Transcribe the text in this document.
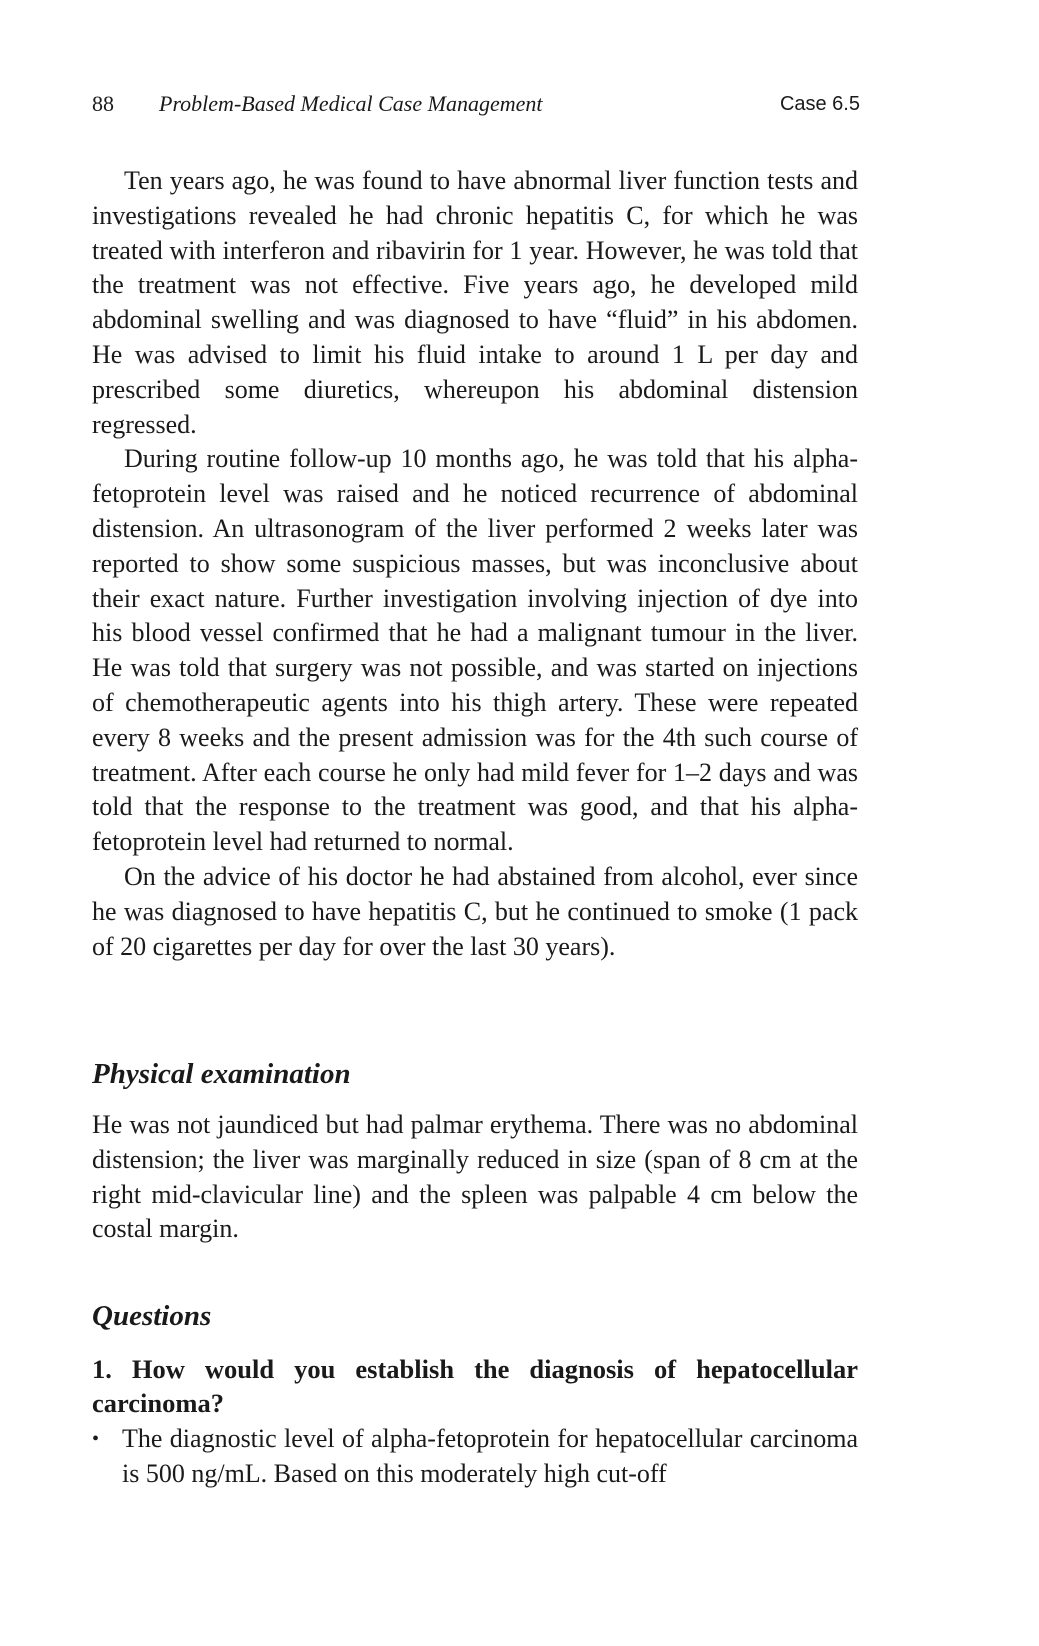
88 Problem-Based Medical Case Management	Case 6.5

Ten years ago, he was found to have abnormal liver function tests and investigations revealed he had chronic hepatitis C, for which he was treated with interferon and ribavirin for 1 year. However, he was told that the treatment was not effective. Five years ago, he developed mild abdominal swelling and was diagnosed to have “fluid” in his abdomen. He was advised to limit his fluid intake to around 1 L per day and prescribed some diuretics, whereupon his abdominal distension regressed.

During routine follow-up 10 months ago, he was told that his alpha-fetoprotein level was raised and he noticed recurrence of abdominal distension. An ultrasonogram of the liver performed 2 weeks later was reported to show some suspicious masses, but was inconclusive about their exact nature. Further investigation involving injection of dye into his blood vessel confirmed that he had a malignant tumour in the liver. He was told that surgery was not possible, and was started on injections of chemotherapeutic agents into his thigh artery. These were repeated every 8 weeks and the present admission was for the 4th such course of treatment. After each course he only had mild fever for 1–2 days and was told that the response to the treatment was good, and that his alpha-fetoprotein level had returned to normal.

On the advice of his doctor he had abstained from alcohol, ever since he was diagnosed to have hepatitis C, but he continued to smoke (1 pack of 20 cigarettes per day for over the last 30 years).

Physical examination

He was not jaundiced but had palmar erythema. There was no abdominal distension; the liver was marginally reduced in size (span of 8 cm at the right mid-clavicular line) and the spleen was palpable 4 cm below the costal margin.

Questions
1. How would you establish the diagnosis of hepatocellular carcinoma?
• The diagnostic level of alpha-fetoprotein for hepatocellular carcinoma is 500 ng/mL. Based on this moderately high cut-off
